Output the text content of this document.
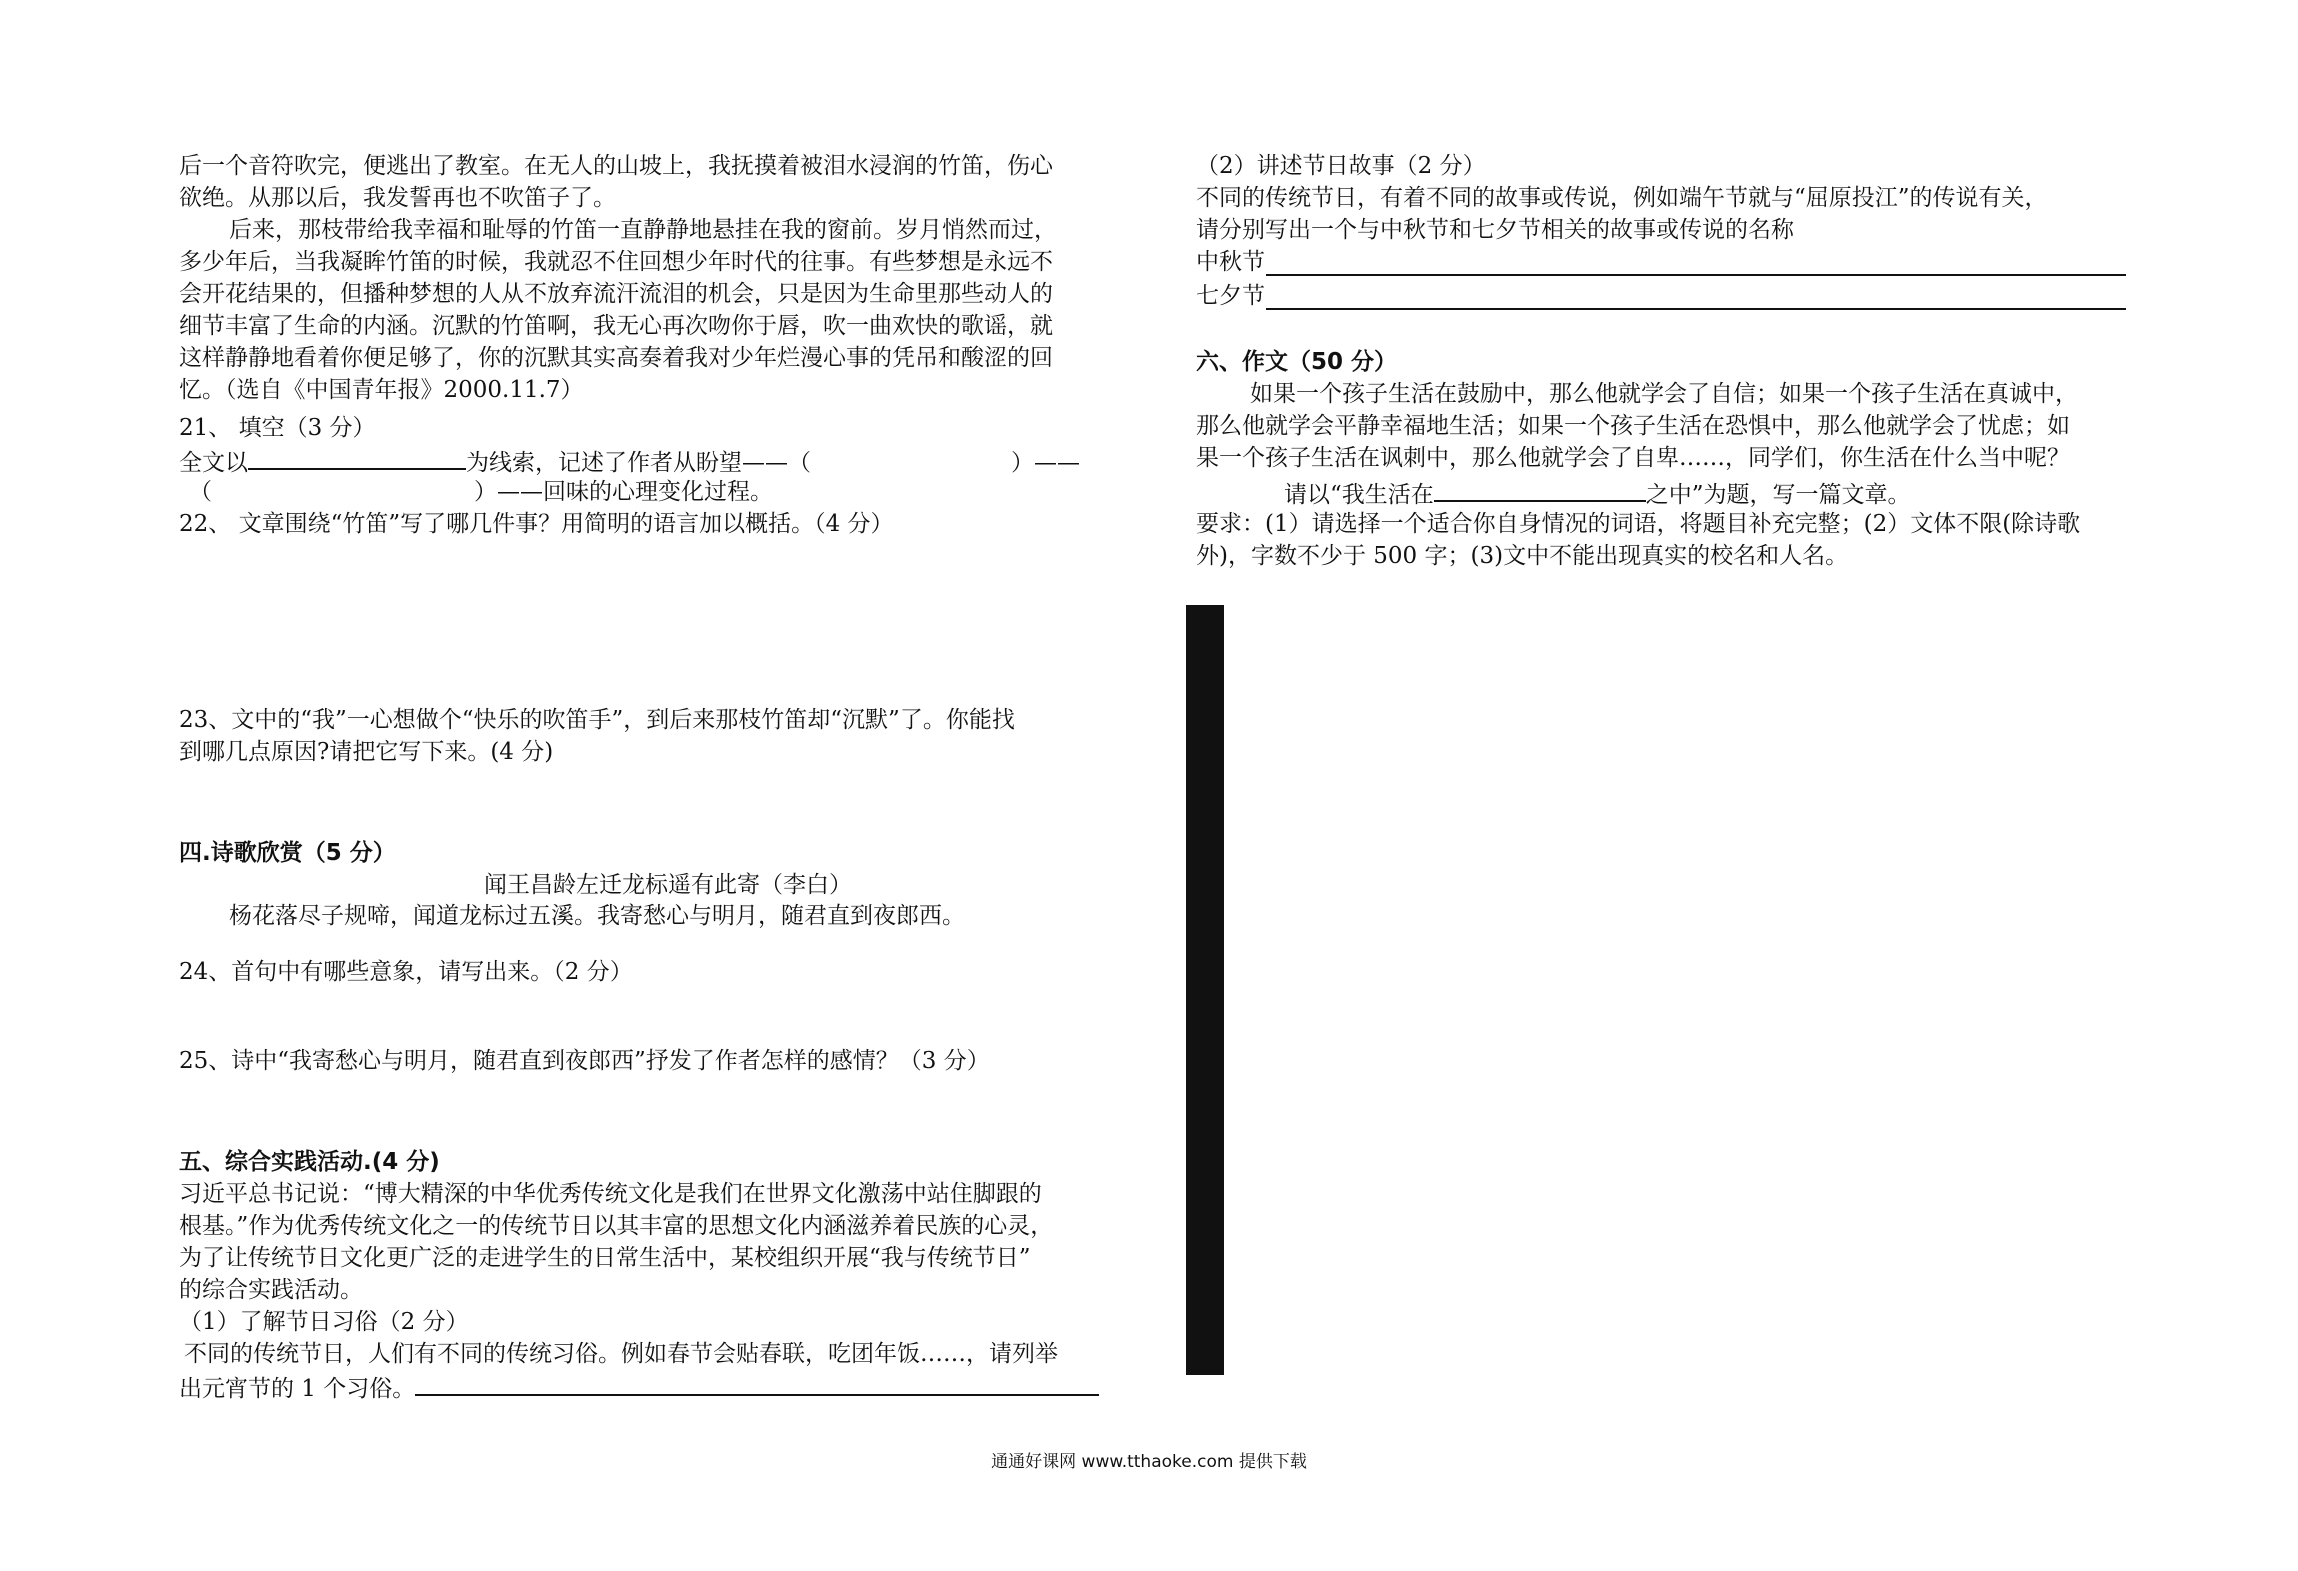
后一个音符吹完，便逃出了教室。在无人的山坡上，我抚摸着被泪水浸润的竹笛，伤心
欲绝。从那以后，我发誓再也不吹笛子了。
后来，那枝带给我幸福和耻辱的竹笛一直静静地悬挂在我的窗前。岁月悄然而过，
多少年后，当我凝眸竹笛的时候，我就忍不住回想少年时代的往事。有些梦想是永远不
会开花结果的，但播种梦想的人从不放弃流汗流泪的机会，只是因为生命里那些动人的
细节丰富了生命的内涵。沉默的竹笛啊，我无心再次吻你于唇，吹一曲欢快的歌谣，就
这样静静地看着你便足够了，你的沉默其实高奏着我对少年烂漫心事的凭吊和酸涩的回
忆。（选自《中国青年报》2000.11.7）
21、 填空（3 分）
全文以	为线索，记述了作者从盼望——（	）——
（	）——回味的心理变化过程。
22、 文章围绕“竹笛”写了哪几件事？用简明的语言加以概括。（4 分）
23、文中的“我”一心想做个“快乐的吹笛手”，到后来那枝竹笛却“沉默”了。你能找
到哪几点原因?请把它写下来。(4 分)
四.诗歌欣赏（5 分）
闻王昌龄左迁龙标遥有此寄（李白）
杨花落尽子规啼，闻道龙标过五溪。我寄愁心与明月，随君直到夜郎西。
24、首句中有哪些意象，请写出来。（2 分）
25、诗中“我寄愁心与明月，随君直到夜郎西”抒发了作者怎样的感情？（3 分）
五、综合实践活动.(4 分)
习近平总书记说：“博大精深的中华优秀传统文化是我们在世界文化激荡中站住脚跟的
根基。”作为优秀传统文化之一的传统节日以其丰富的思想文化内涵滋养着民族的心灵，
为了让传统节日文化更广泛的走进学生的日常生活中，某校组织开展“我与传统节日”
的综合实践活动。
（1）了解节日习俗（2 分）
不同的传统节日，人们有不同的传统习俗。例如春节会贴春联，吃团年饭……，请列举
出元宵节的 1 个习俗。
（2）讲述节日故事（2 分）
不同的传统节日，有着不同的故事或传说，例如端午节就与“屈原投江”的传说有关，
请分别写出一个与中秋节和七夕节相关的故事或传说的名称
中秋节
七夕节
六、作文（50 分）
如果一个孩子生活在鼓励中，那么他就学会了自信；如果一个孩子生活在真诚中，
那么他就学会平静幸福地生活；如果一个孩子生活在恐惧中，那么他就学会了忧虑；如
果一个孩子生活在讽刺中，那么他就学会了自卑……，同学们，你生活在什么当中呢？
请以“我生活在	之中”为题，写一篇文章。
要求：(1）请选择一个适合你自身情况的词语，将题目补充完整；(2）文体不限(除诗歌
外)，字数不少于 500 字；(3)文中不能出现真实的校名和人名。

通通好课网 www.tthaoke.com 提供下载
